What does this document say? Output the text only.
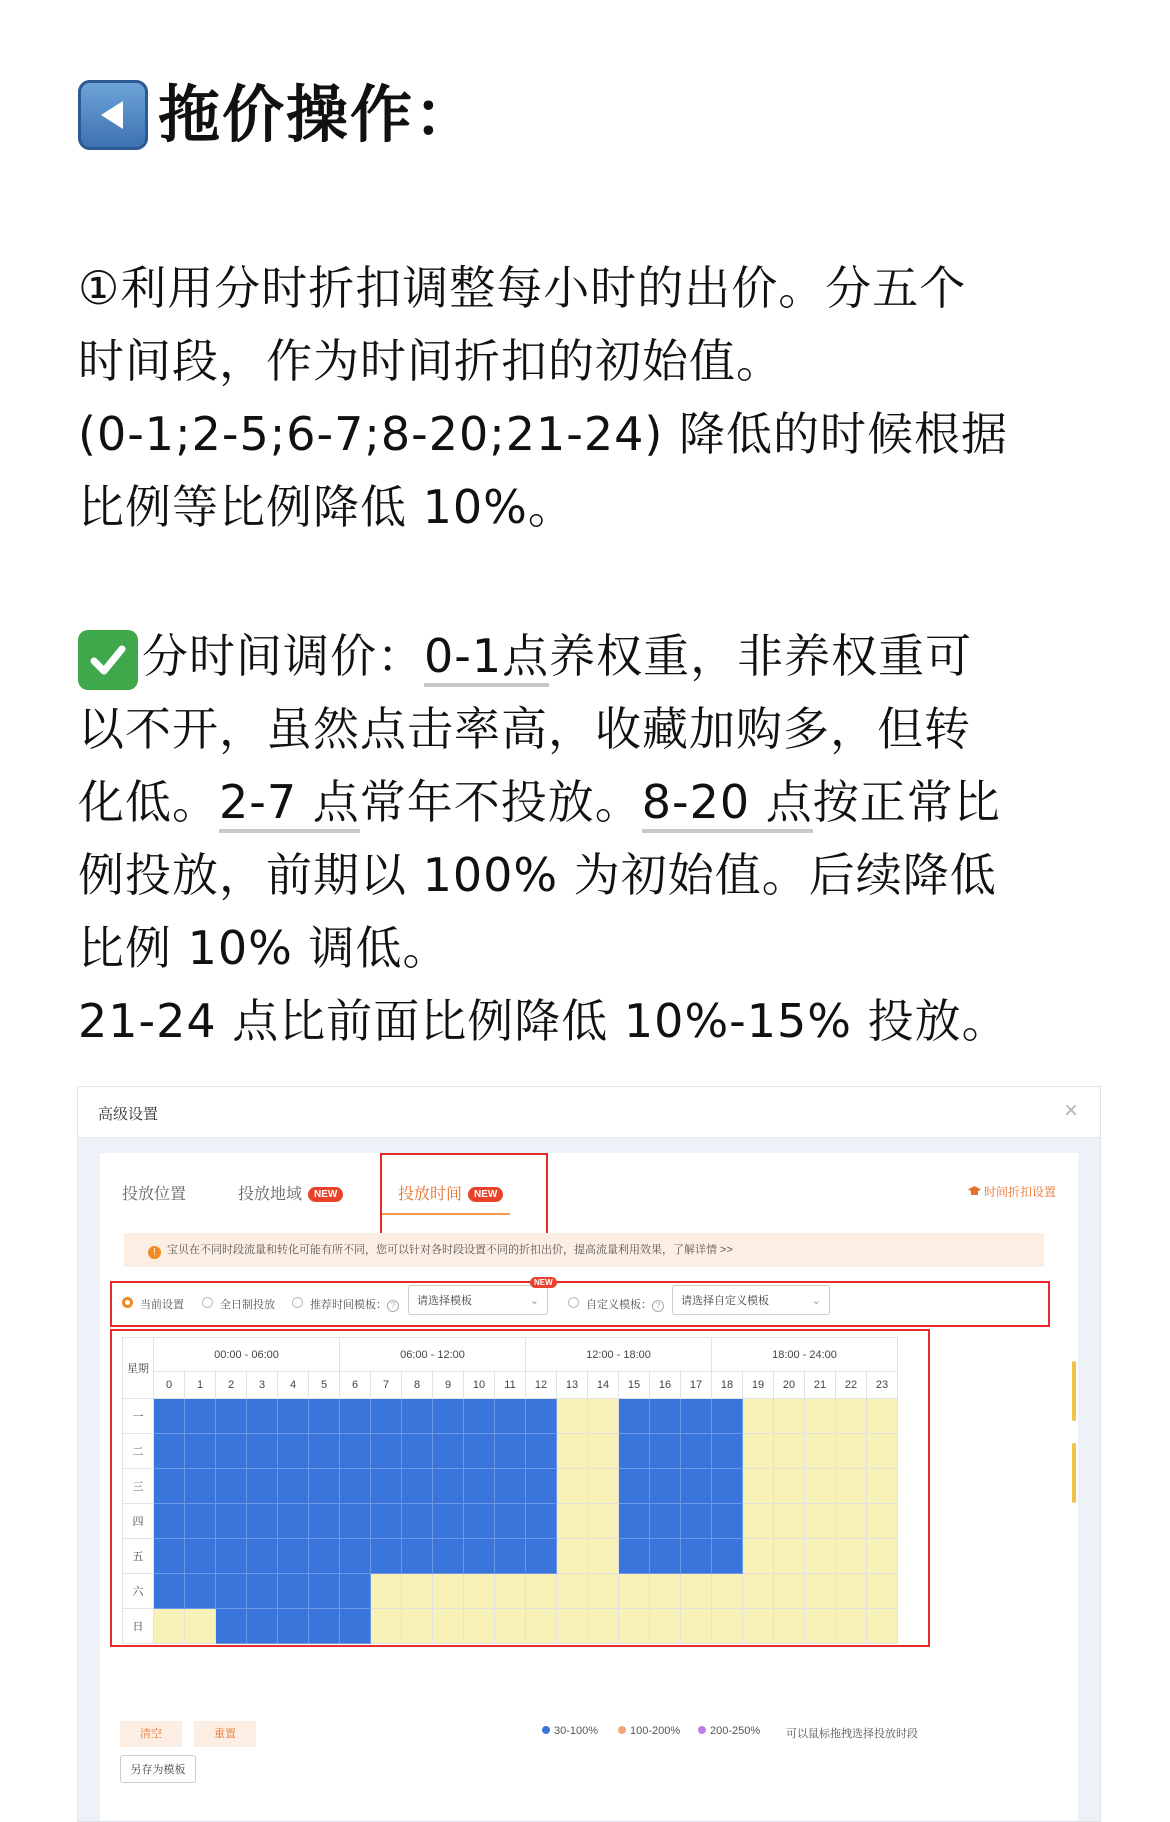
拖价操作：
①利用分时折扣调整每小时的出价。分五个
时间段，作为时间折扣的初始值。
(0-1;2-5;6-7;8-20;21-24) 降低的时候根据
比例等比例降低 10%。
分时间调价：0-1点养权重，非养权重可
以不开，虽然点击率高，收藏加购多，但转
化低。2-7 点常年不投放。8-20 点按正常比
例投放，前期以 100% 为初始值。后续降低
比例 10% 调低。
21-24 点比前面比例降低 10%-15% 投放。
高级设置	×
投放位置	投放地域 NEW	投放时间 NEW	时间折扣设置
! 宝贝在不同时段流量和转化可能有所不同，您可以针对各时段设置不同的折扣出价，提高流量利用效果，了解详情 >>
当前设置	全日制投放	推荐时间模板： ?	请选择模板	⌄
NEW
自定义模板： ?	请选择自定义模板	⌄
星期	00:00 - 06:00						06:00 - 12:00						12:00 - 18:00						18:00 - 24:00					
	0	1	2	3	4	5	6	7	8	9	10	11	12	13	14	15	16	17	18	19	20	21	22	23
一																								
二																								
三																								
四																								
五																								
六																								
日																								
清空	重置	30-100%	100-200%	200-250% 可以鼠标拖拽选择投放时段
另存为模板
